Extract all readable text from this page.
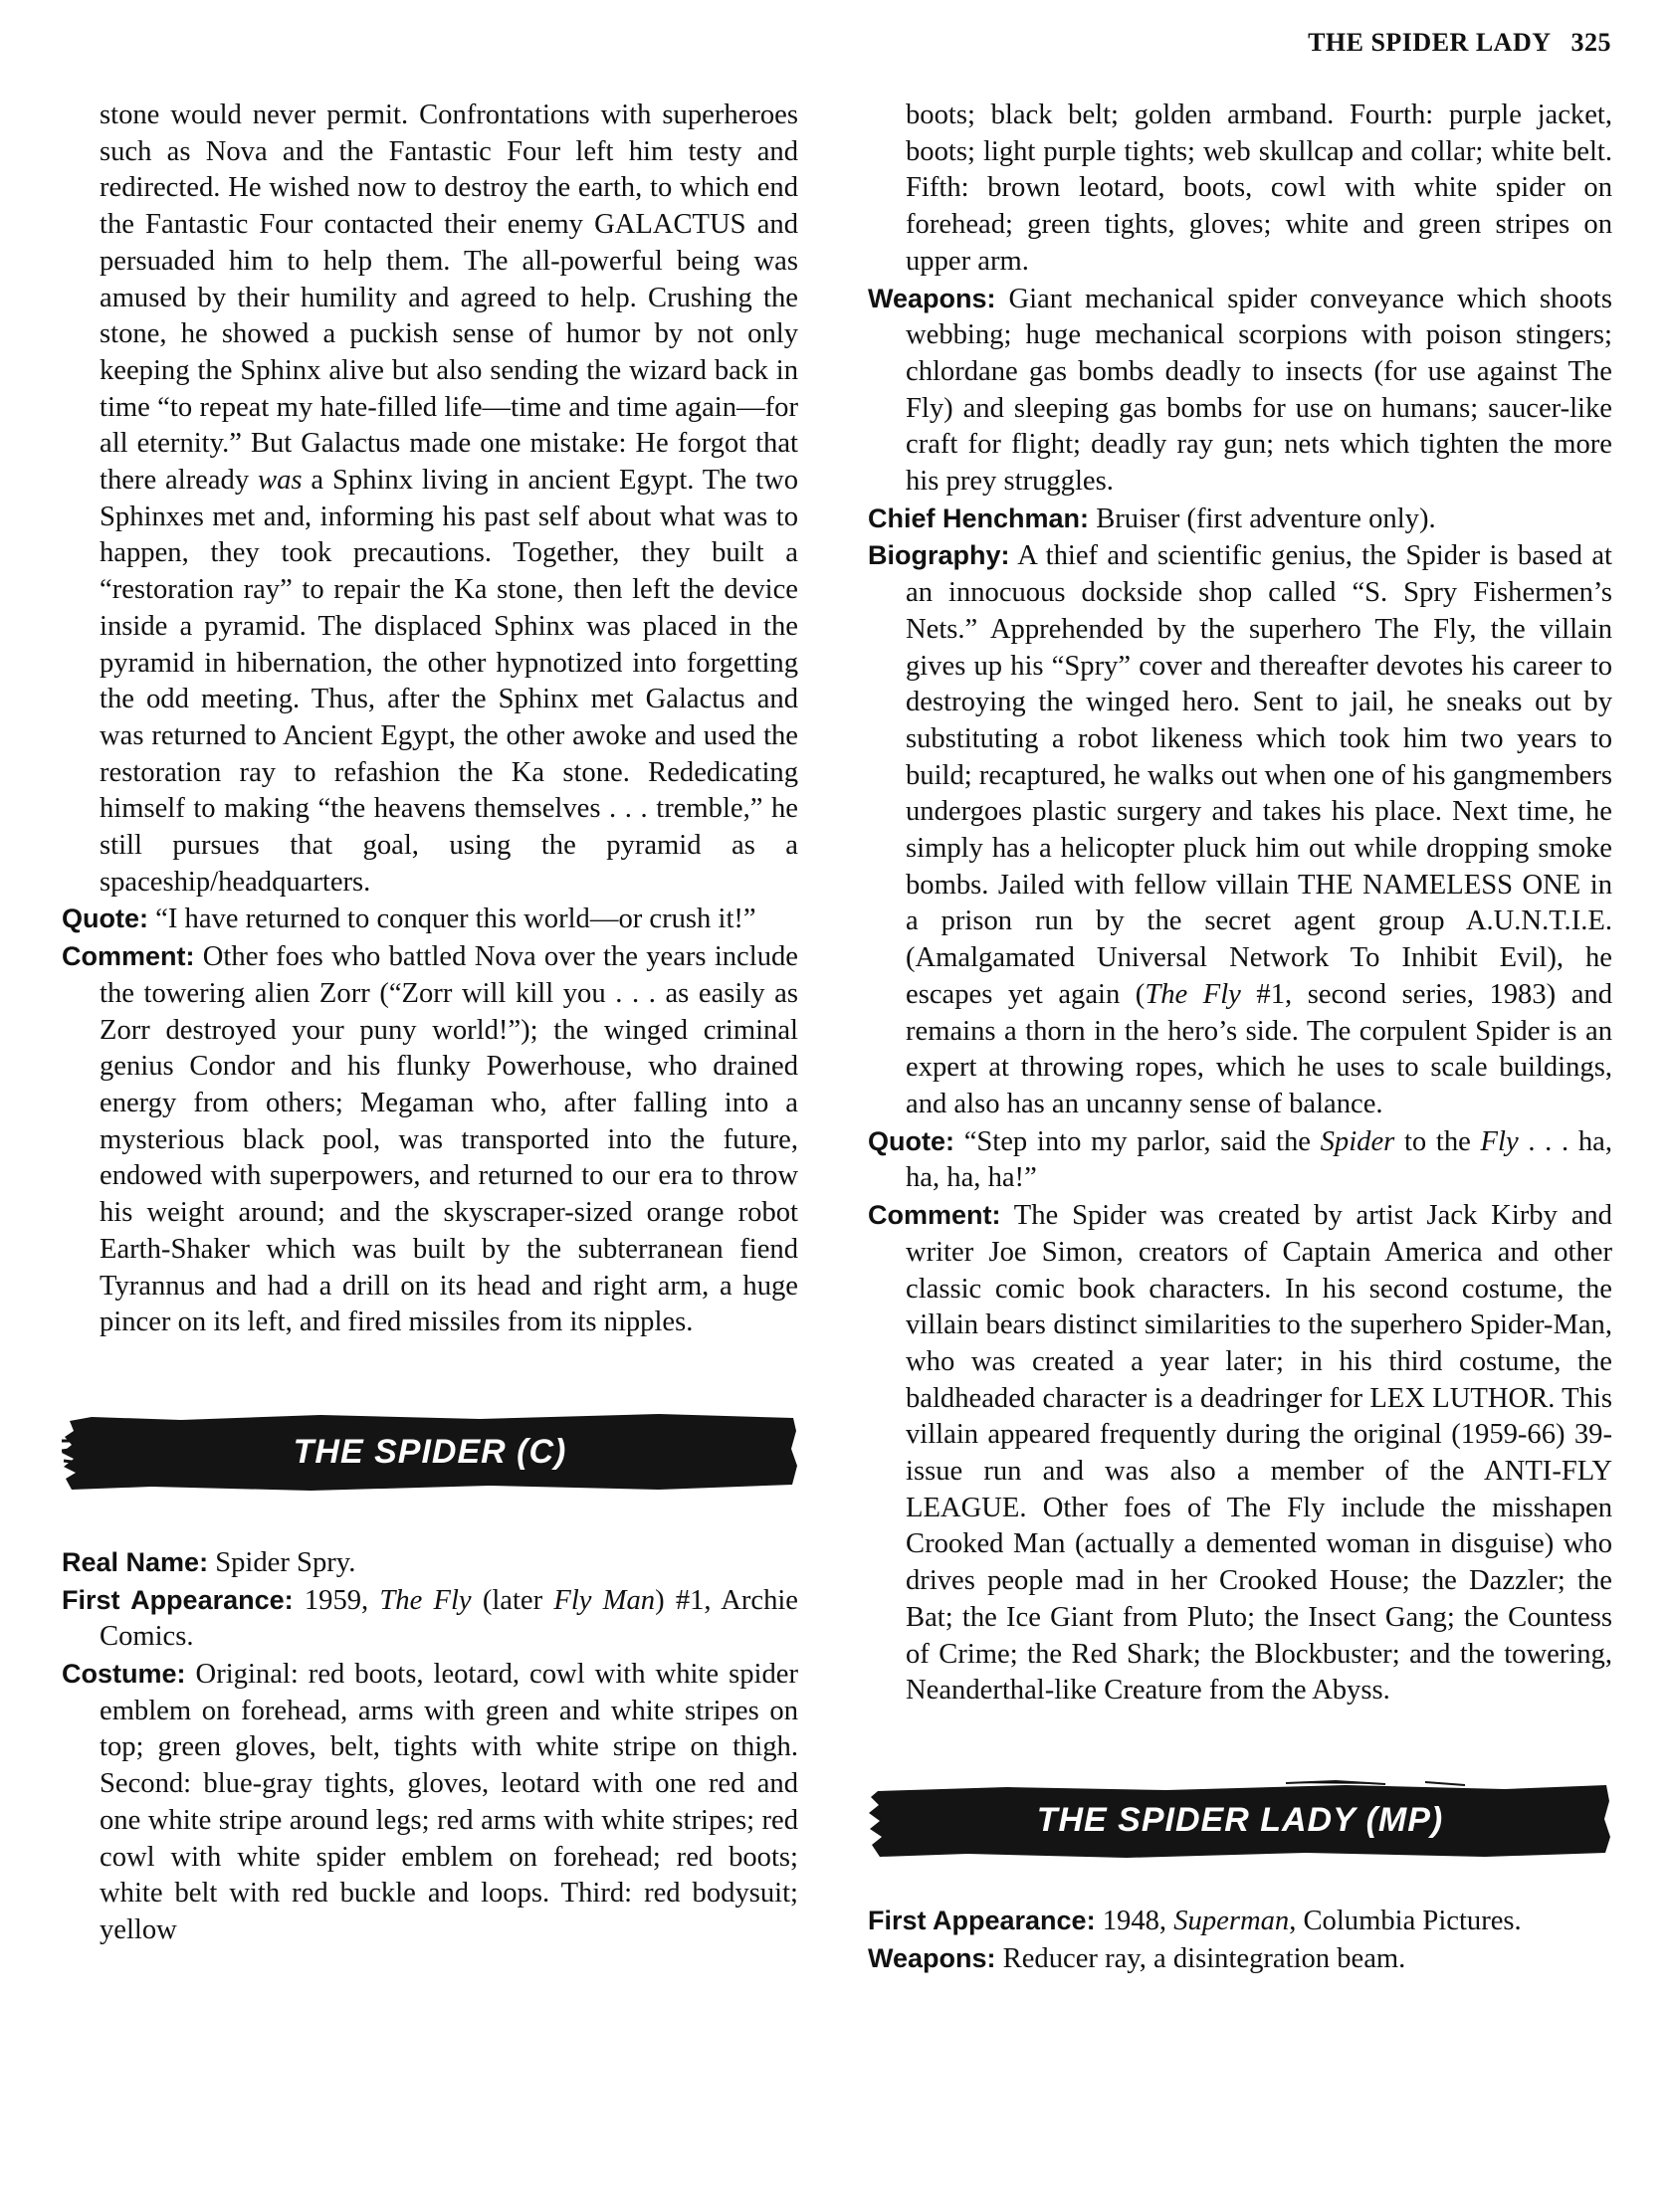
THE SPIDER LADY 325

stone would never permit. Confrontations with superheroes such as Nova and the Fantastic Four left him testy and redirected. He wished now to destroy the earth, to which end the Fantastic Four contacted their enemy GALACTUS and persuaded him to help them. The all-powerful being was amused by their humility and agreed to help. Crushing the stone, he showed a puckish sense of humor by not only keeping the Sphinx alive but also sending the wizard back in time “to repeat my hate-filled life—time and time again—for all eternity.” But Galactus made one mistake: He forgot that there already was a Sphinx living in ancient Egypt. The two Sphinxes met and, informing his past self about what was to happen, they took precautions. Together, they built a “restoration ray” to repair the Ka stone, then left the device inside a pyramid. The displaced Sphinx was placed in the pyramid in hibernation, the other hypnotized into forgetting the odd meeting. Thus, after the Sphinx met Galactus and was returned to Ancient Egypt, the other awoke and used the restoration ray to refashion the Ka stone. Rededicating himself to making “the heavens themselves . . . tremble,” he still pursues that goal, using the pyramid as a spaceship/headquarters.

Quote: “I have returned to conquer this world—or crush it!”

Comment: Other foes who battled Nova over the years include the towering alien Zorr (“Zorr will kill you . . . as easily as Zorr destroyed your puny world!”); the winged criminal genius Condor and his flunky Powerhouse, who drained energy from others; Megaman who, after falling into a mysterious black pool, was transported into the future, endowed with superpowers, and returned to our era to throw his weight around; and the skyscraper-sized orange robot Earth-Shaker which was built by the subterranean fiend Tyrannus and had a drill on its head and right arm, a huge pincer on its left, and fired missiles from its nipples.

THE SPIDER (C)

Real Name: Spider Spry.

First Appearance: 1959, The Fly (later Fly Man) #1, Archie Comics.

Costume: Original: red boots, leotard, cowl with white spider emblem on forehead, arms with green and white stripes on top; green gloves, belt, tights with white stripe on thigh. Second: blue-gray tights, gloves, leotard with one red and one white stripe around legs; red arms with white stripes; red cowl with white spider emblem on forehead; red boots; white belt with red buckle and loops. Third: red bodysuit; yellow

boots; black belt; golden armband. Fourth: purple jacket, boots; light purple tights; web skullcap and collar; white belt. Fifth: brown leotard, boots, cowl with white spider on forehead; green tights, gloves; white and green stripes on upper arm.

Weapons: Giant mechanical spider conveyance which shoots webbing; huge mechanical scorpions with poison stingers; chlordane gas bombs deadly to insects (for use against The Fly) and sleeping gas bombs for use on humans; saucer-like craft for flight; deadly ray gun; nets which tighten the more his prey struggles.

Chief Henchman: Bruiser (first adventure only).

Biography: A thief and scientific genius, the Spider is based at an innocuous dockside shop called “S. Spry Fishermen’s Nets.” Apprehended by the superhero The Fly, the villain gives up his “Spry” cover and thereafter devotes his career to destroying the winged hero. Sent to jail, he sneaks out by substituting a robot likeness which took him two years to build; recaptured, he walks out when one of his gangmembers undergoes plastic surgery and takes his place. Next time, he simply has a helicopter pluck him out while dropping smoke bombs. Jailed with fellow villain THE NAMELESS ONE in a prison run by the secret agent group A.U.N.T.I.E. (Amalgamated Universal Network To Inhibit Evil), he escapes yet again (The Fly #1, second series, 1983) and remains a thorn in the hero’s side. The corpulent Spider is an expert at throwing ropes, which he uses to scale buildings, and also has an uncanny sense of balance.

Quote: “Step into my parlor, said the Spider to the Fly . . . ha, ha, ha, ha!”

Comment: The Spider was created by artist Jack Kirby and writer Joe Simon, creators of Captain America and other classic comic book characters. In his second costume, the villain bears distinct similarities to the superhero Spider-Man, who was created a year later; in his third costume, the baldheaded character is a deadringer for LEX LUTHOR. This villain appeared frequently during the original (1959-66) 39-issue run and was also a member of the ANTI-FLY LEAGUE. Other foes of The Fly include the misshapen Crooked Man (actually a demented woman in disguise) who drives people mad in her Crooked House; the Dazzler; the Bat; the Ice Giant from Pluto; the Insect Gang; the Countess of Crime; the Red Shark; the Blockbuster; and the towering, Neanderthal-like Creature from the Abyss.

THE SPIDER LADY (MP)

First Appearance: 1948, Superman, Columbia Pictures.

Weapons: Reducer ray, a disintegration beam.
